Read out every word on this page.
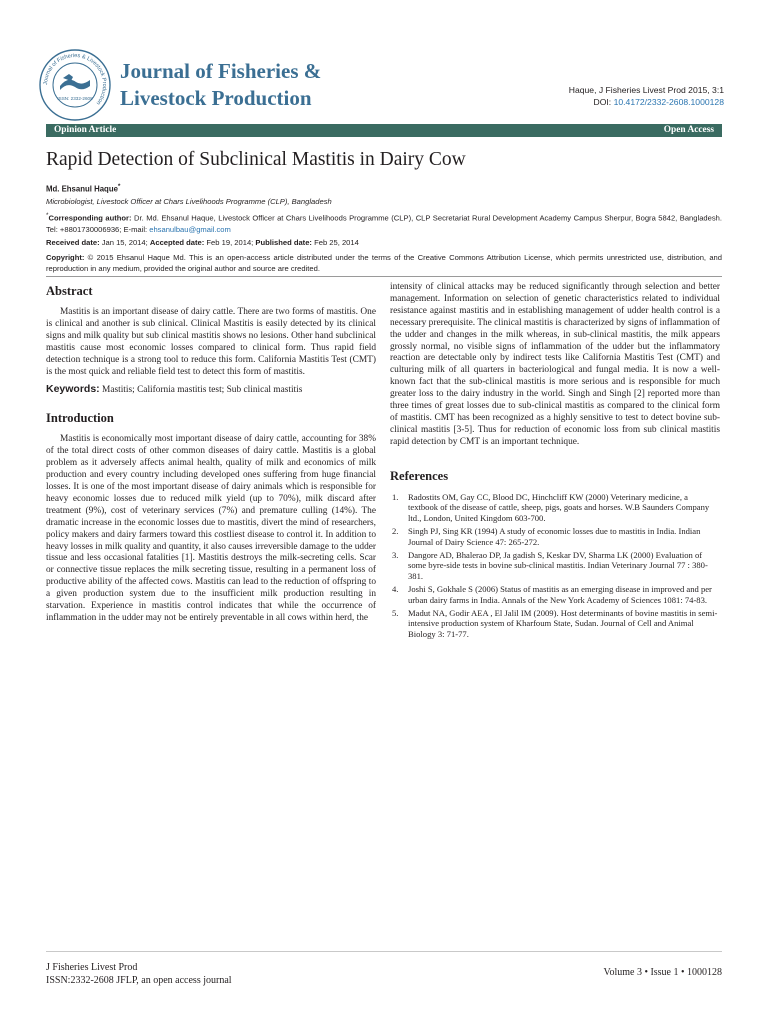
Journal of Fisheries & Livestock Production
ISSN: 2332-2608
Journal of Fisheries &
Livestock Production	Haque, J Fisheries Livest Prod 2015, 3:1
DOI: 10.4172/2332-2608.1000128
Opinion Article	Open Access
Rapid Detection of Subclinical Mastitis in Dairy Cow
Md. Ehsanul Haque*
Microbiologist, Livestock Officer at Chars Livelihoods Programme (CLP), Bangladesh
*Corresponding author: Dr. Md. Ehsanul Haque, Livestock Officer at Chars Livelihoods Programme (CLP), CLP Secretariat Rural Development Academy Campus Sherpur, Bogra 5842, Bangladesh. Tel: +8801730006936; E-mail: ehsanulbau@gmail.com
Received date: Jan 15, 2014; Accepted date: Feb 19, 2014; Published date: Feb 25, 2014
Copyright: © 2015 Ehsanul Haque Md. This is an open-access article distributed under the terms of the Creative Commons Attribution License, which permits unrestricted use, distribution, and reproduction in any medium, provided the original author and source are credited.
Abstract

Mastitis is an important disease of dairy cattle. There are two forms of mastitis. One is clinical and another is sub clinical. Clinical Mastitis is easily detected by its clinical signs and milk quality but sub clinical mastitis shows no lesions. Other hand subclinical mastitis cause most economic losses compared to clinical form. Thus rapid field detection technique is a strong tool to reduce this form. California Mastitis Test (CMT) is the most quick and reliable field test to detect this form of mastitis.

Keywords: Mastitis; California mastitis test; Sub clinical mastitis

Introduction

Mastitis is economically most important disease of dairy cattle, accounting for 38% of the total direct costs of other common diseases of dairy cattle. Mastitis is a global problem as it adversely affects animal health, quality of milk and economics of milk production and every country including developed ones suffering from huge financial losses. It is one of the most important disease of dairy animals which is responsible for heavy economic losses due to reduced milk yield (up to 70%), milk discard after treatment (9%), cost of veterinary services (7%) and premature culling (14%). The dramatic increase in the economic losses due to mastitis, divert the mind of researchers, policy makers and dairy farmers toward this costliest disease to control it. In addition to heavy losses in milk quality and quantity, it also causes irreversible damage to the udder tissue and less occasional fatalities [1]. Mastitis destroys the milk-secreting cells. Scar or connective tissue replaces the milk secreting tissue, resulting in a permanent loss of productive ability of the affected cows. Mastitis can lead to the reduction of offspring to a given production system due to the insufficient milk production resulting in starvation. Experience in mastitis control indicates that while the occurrence of inflammation in the udder may not be entirely preventable in all cows within herd, the

intensity of clinical attacks may be reduced significantly through selection and better management. Information on selection of genetic characteristics related to individual resistance against mastitis and in establishing management of udder health control is a necessary prerequisite. The clinical mastitis is characterized by signs of inflammation of the udder and changes in the milk whereas, in sub-clinical mastitis, the milk appears grossly normal, no visible signs of inflammation of the udder but the inflammatory reaction are detectable only by indirect tests like California Mastitis Test (CMT) and culturing milk of all quarters in bacteriological and fungal media. It is now a well-known fact that the sub-clinical mastitis is more serious and is responsible for much greater loss to the dairy industry in the world. Singh and Singh [2] reported more than three times of great losses due to sub-clinical mastitis as compared to the clinical form of mastitis. CMT has been recognized as a highly sensitive to test to detect bovine sub-clinical mastitis [3-5]. Thus for reduction of economic loss from sub clinical mastitis rapid detection by CMT is an important technique.

References
1. Radostits OM, Gay CC, Blood DC, Hinchcliff KW (2000) Veterinary medicine, a textbook of the disease of cattle, sheep, pigs, goats and horses. W.B Saunders Company ltd., London, United Kingdom 603-700.
2. Singh PJ, Sing KR (1994) A study of economic losses due to mastitis in India. Indian Journal of Dairy Science 47: 265-272.
3. Dangore AD, Bhalerao DP, Ja gadish S, Keskar DV, Sharma LK (2000) Evaluation of some byre-side tests in bovine sub-clinical mastitis. Indian Veterinary Journal 77 : 380-381.
4. Joshi S, Gokhale S (2006) Status of mastitis as an emerging disease in improved and per urban dairy farms in India. Annals of the New York Academy of Sciences 1081: 74-83.
5. Madut NA, Godir AEA , El Jalil IM (2009). Host determinants of bovine mastitis in semi-intensive production system of Kharfoum State, Sudan. Journal of Cell and Animal Biology 3: 71-77.
J Fisheries Livest Prod
ISSN:2332-2608 JFLP, an open access journal
Volume 3 • Issue 1 • 1000128
